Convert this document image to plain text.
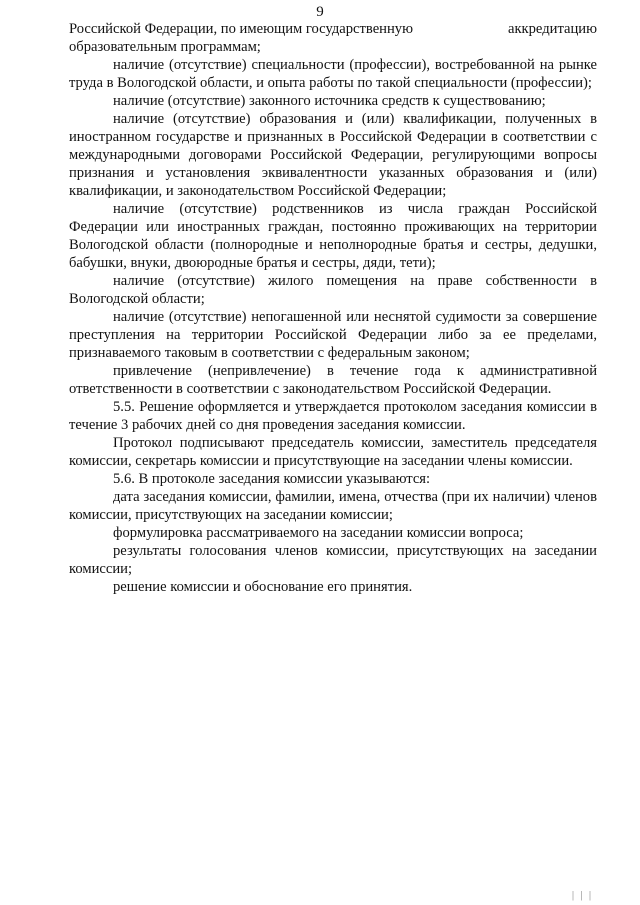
9
Российской Федерации, по имеющим государственную	аккредитацию

образовательным программам;

наличие (отсутствие) специальности (профессии), востребованной на рынке труда в Вологодской области, и опыта работы по такой специальности (профессии);

наличие (отсутствие) законного источника средств к существованию;

наличие (отсутствие) образования и (или) квалификации, полученных в иностранном государстве и признанных в Российской Федерации в соответствии с международными договорами Российской Федерации, регулирующими вопросы признания и установления эквивалентности указанных образования и (или) квалификации, и законодательством Российской Федерации;

наличие (отсутствие) родственников из числа граждан Российской Федерации или иностранных граждан, постоянно проживающих на территории Вологодской области (полнородные и неполнородные братья и сестры, дедушки, бабушки, внуки, двоюродные братья и сестры, дяди, тети);

наличие (отсутствие) жилого помещения на праве собственности в Вологодской области;

наличие (отсутствие) непогашенной или неснятой судимости за совершение преступления на территории Российской Федерации либо за ее пределами, признаваемого таковым в соответствии с федеральным законом;

привлечение (непривлечение) в течение года к административной ответственности в соответствии с законодательством Российской Федерации.

5.5. Решение оформляется и утверждается протоколом заседания комиссии в течение 3 рабочих дней со дня проведения заседания комиссии.

Протокол подписывают председатель комиссии, заместитель председателя комиссии, секретарь комиссии и присутствующие на заседании члены комиссии.

5.6. В протоколе заседания комиссии указываются:

дата заседания комиссии, фамилии, имена, отчества (при их наличии) членов комиссии, присутствующих на заседании комиссии;

формулировка рассматриваемого на заседании комиссии вопроса;

результаты голосования членов комиссии, присутствующих на заседании комиссии;

решение комиссии и обоснование его принятия.

| | |
